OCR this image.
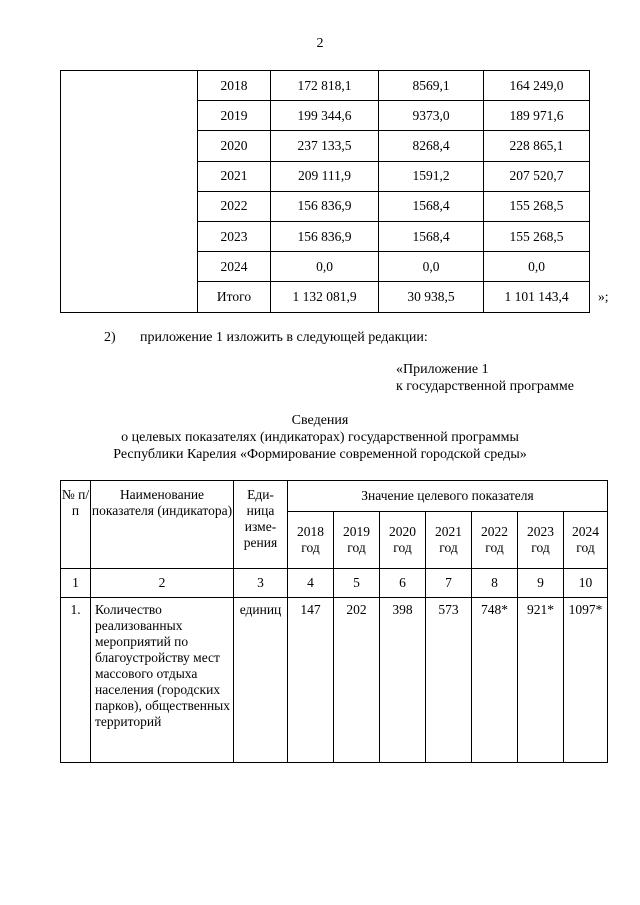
2
	2018	172 818,1	8569,1	164 249,0
	2019	199 344,6	9373,0	189 971,6
	2020	237 133,5	8268,4	228 865,1
	2021	209 111,9	1591,2	207 520,7
	2022	156 836,9	1568,4	155 268,5
	2023	156 836,9	1568,4	155 268,5
	2024	0,0	0,0	0,0
	Итого	1 132 081,9	30 938,5	1 101 143,4 »;
2) приложение 1 изложить в следующей редакции:
«Приложение 1
к государственной программе
Сведения
о целевых показателях (индикаторах) государственной программы
Республики Карелия «Формирование современной городской среды»
№ п/п	Наименование показателя (индикатора)	Еди-ница изме-рения	Значение целевого показателя						
			2018 год	2019 год	2020 год	2021 год	2022 год	2023 год	2024 год
1	2	3	4	5	6	7	8	9	10
1.	Количество реализованных мероприятий по благоустройству мест массового отдыха населения (городских парков), общественных территорий	единиц	147	202	398	573	748*	921*	1097*
